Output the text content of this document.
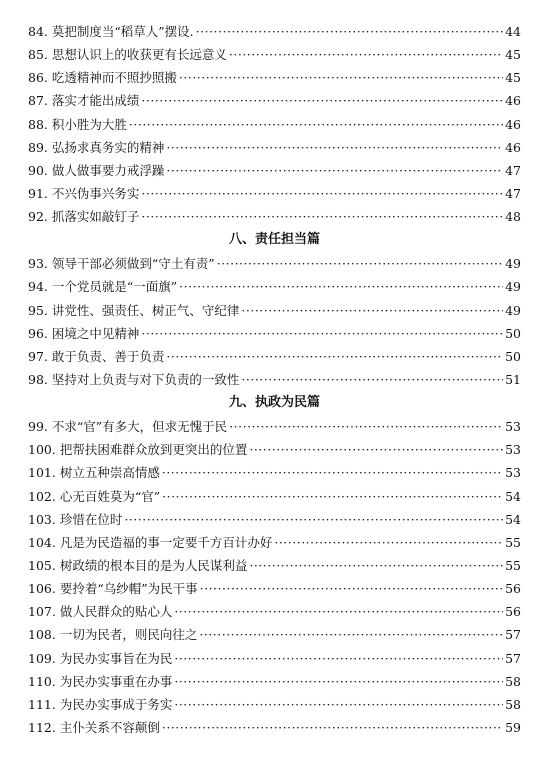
84. 莫把制度当“稻草人”摆设. ·····	44
85. 思想认识上的收获更有长远意义 ·····	45
86. 吃透精神而不照抄照搬 ·····	45
87. 落实才能出成绩 ·····	46
88. 积小胜为大胜 ·····	46
89. 弘扬求真务实的精神 ·····	46
90. 做人做事要力戒浮躁 ·····	47
91. 不兴伪事兴务实 ·····	47
92. 抓落实如敲钉子 ·····	48
八、责任担当篇
93. 领导干部必须做到“守土有责” ·····	49
94. 一个党员就是“一面旗” ·····	49
95. 讲党性、强责任、树正气、守纪律 ·····	49
96. 困境之中见精神 ·····	50
97. 敢于负责、善于负责 ·····	50
98. 坚持对上负责与对下负责的一致性 ·····	51
九、执政为民篇
99. 不求“官”有多大，但求无愧于民 ·····	53
100. 把帮扶困难群众放到更突出的位置 ·····	53
101. 树立五种崇高情感 ·····	53
102. 心无百姓莫为“官” ·····	54
103. 珍惜在位时 ·····	54
104. 凡是为民造福的事一定要千方百计办好 ·····	55
105. 树政绩的根本目的是为人民谋利益 ·····	55
106. 要拎着“乌纱帽”为民干事 ·····	56
107. 做人民群众的贴心人 ·····	56
108. 一切为民者，则民向往之 ·····	57
109. 为民办实事旨在为民 ·····	57
110. 为民办实事重在办事 ·····	58
111. 为民办实事成于务实 ·····	58
112. 主仆关系不容颠倒 ·····	59
